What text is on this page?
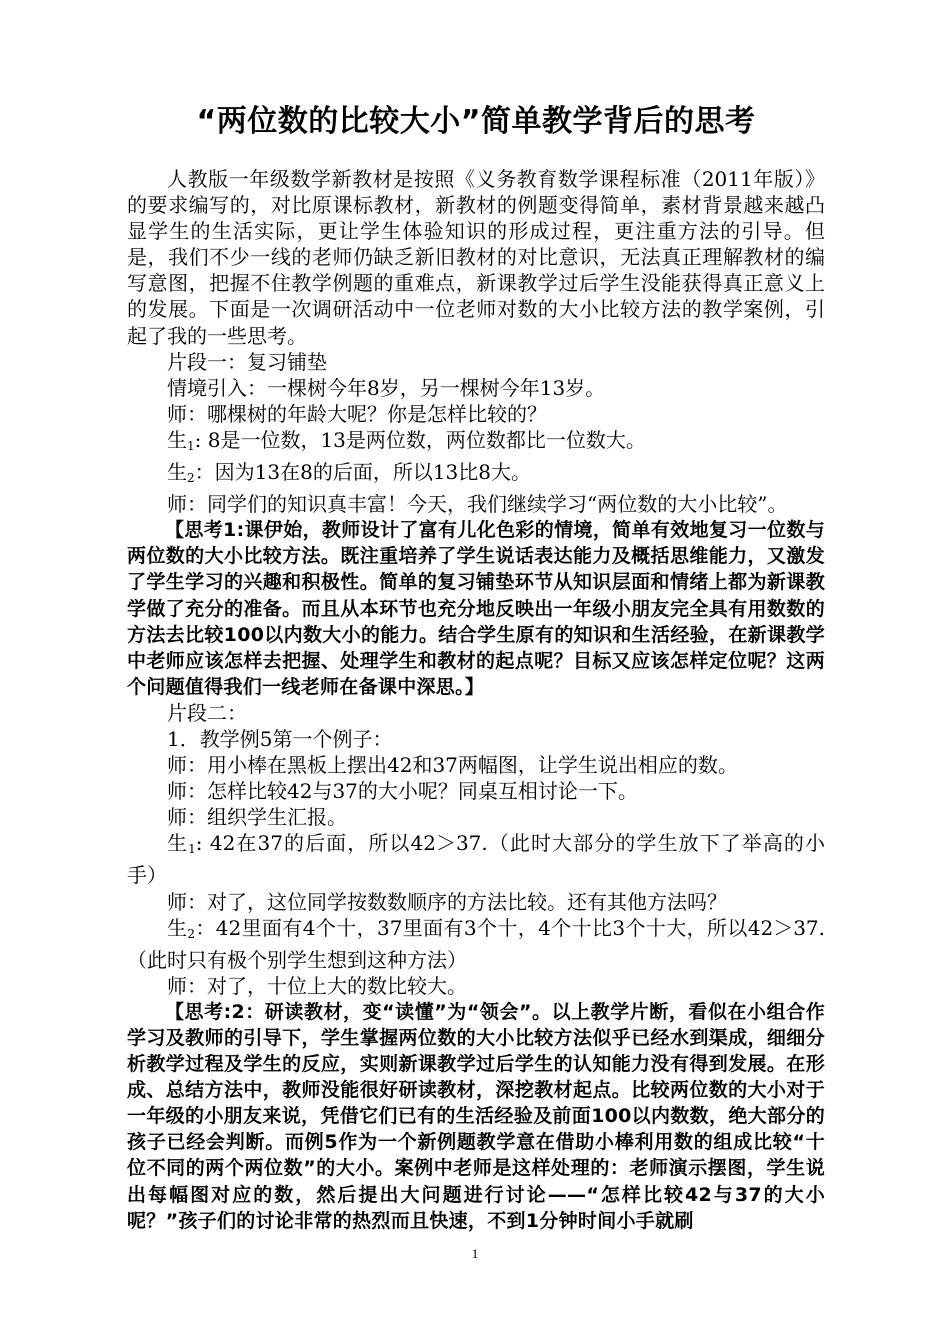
“两位数的比较大小”简单教学背后的思考

人教版一年级数学新教材是按照《义务教育数学课程标准（2011年版）》的要求编写的，对比原课标教材，新教材的例题变得简单，素材背景越来越凸显学生的生活实际，更让学生体验知识的形成过程，更注重方法的引导。但是，我们不少一线的老师仍缺乏新旧教材的对比意识，无法真正理解教材的编写意图，把握不住教学例题的重难点，新课教学过后学生没能获得真正意义上的发展。下面是一次调研活动中一位老师对数的大小比较方法的教学案例，引起了我的一些思考。

片段一：复习铺垫

情境引入：一棵树今年8岁，另一棵树今年13岁。

师：哪棵树的年龄大呢？你是怎样比较的？

生$_1$: 8是一位数，13是两位数，两位数都比一位数大。

生$_2$：因为13在8的后面，所以13比8大。

师：同学们的知识真丰富！今天，我们继续学习“两位数的大小比较”。

【思考1:课伊始，教师设计了富有儿化色彩的情境，简单有效地复习一位数与两位数的大小比较方法。既注重培养了学生说话表达能力及概括思维能力，又激发了学生学习的兴趣和积极性。简单的复习铺垫环节从知识层面和情绪上都为新课教学做了充分的准备。而且从本环节也充分地反映出一年级小朋友完全具有用数数的方法去比较100以内数大小的能力。结合学生原有的知识和生活经验，在新课教学中老师应该怎样去把握、处理学生和教材的起点呢？目标又应该怎样定位呢？这两个问题值得我们一线老师在备课中深思。】

片段二：

1．教学例5第一个例子：

师：用小棒在黑板上摆出42和37两幅图，让学生说出相应的数。

师：怎样比较42与37的大小呢？同桌互相讨论一下。

师：组织学生汇报。

生$_1$: 42在37的后面，所以42＞37.（此时大部分的学生放下了举高的小手）

师：对了，这位同学按数数顺序的方法比较。还有其他方法吗？

生$_2$：42里面有4个十，37里面有3个十，4个十比3个十大，所以42＞37.（此时只有极个别学生想到这种方法）

师：对了，十位上大的数比较大。

【思考:2：研读教材，变“读懂”为“领会”。以上教学片断，看似在小组合作学习及教师的引导下，学生掌握两位数的大小比较方法似乎已经水到渠成，细细分析教学过程及学生的反应，实则新课教学过后学生的认知能力没有得到发展。在形成、总结方法中，教师没能很好研读教材，深挖教材起点。比较两位数的大小对于一年级的小朋友来说，凭借它们已有的生活经验及前面100以内数数，绝大部分的孩子已经会判断。而例5作为一个新例题教学意在借助小棒利用数的组成比较“十位不同的两个两位数”的大小。案例中老师是这样处理的：老师演示摆图，学生说出每幅图对应的数，然后提出大问题进行讨论——“怎样比较42与37的大小呢？”孩子们的讨论非常的热烈而且快速，不到1分钟时间小手就刷

1
